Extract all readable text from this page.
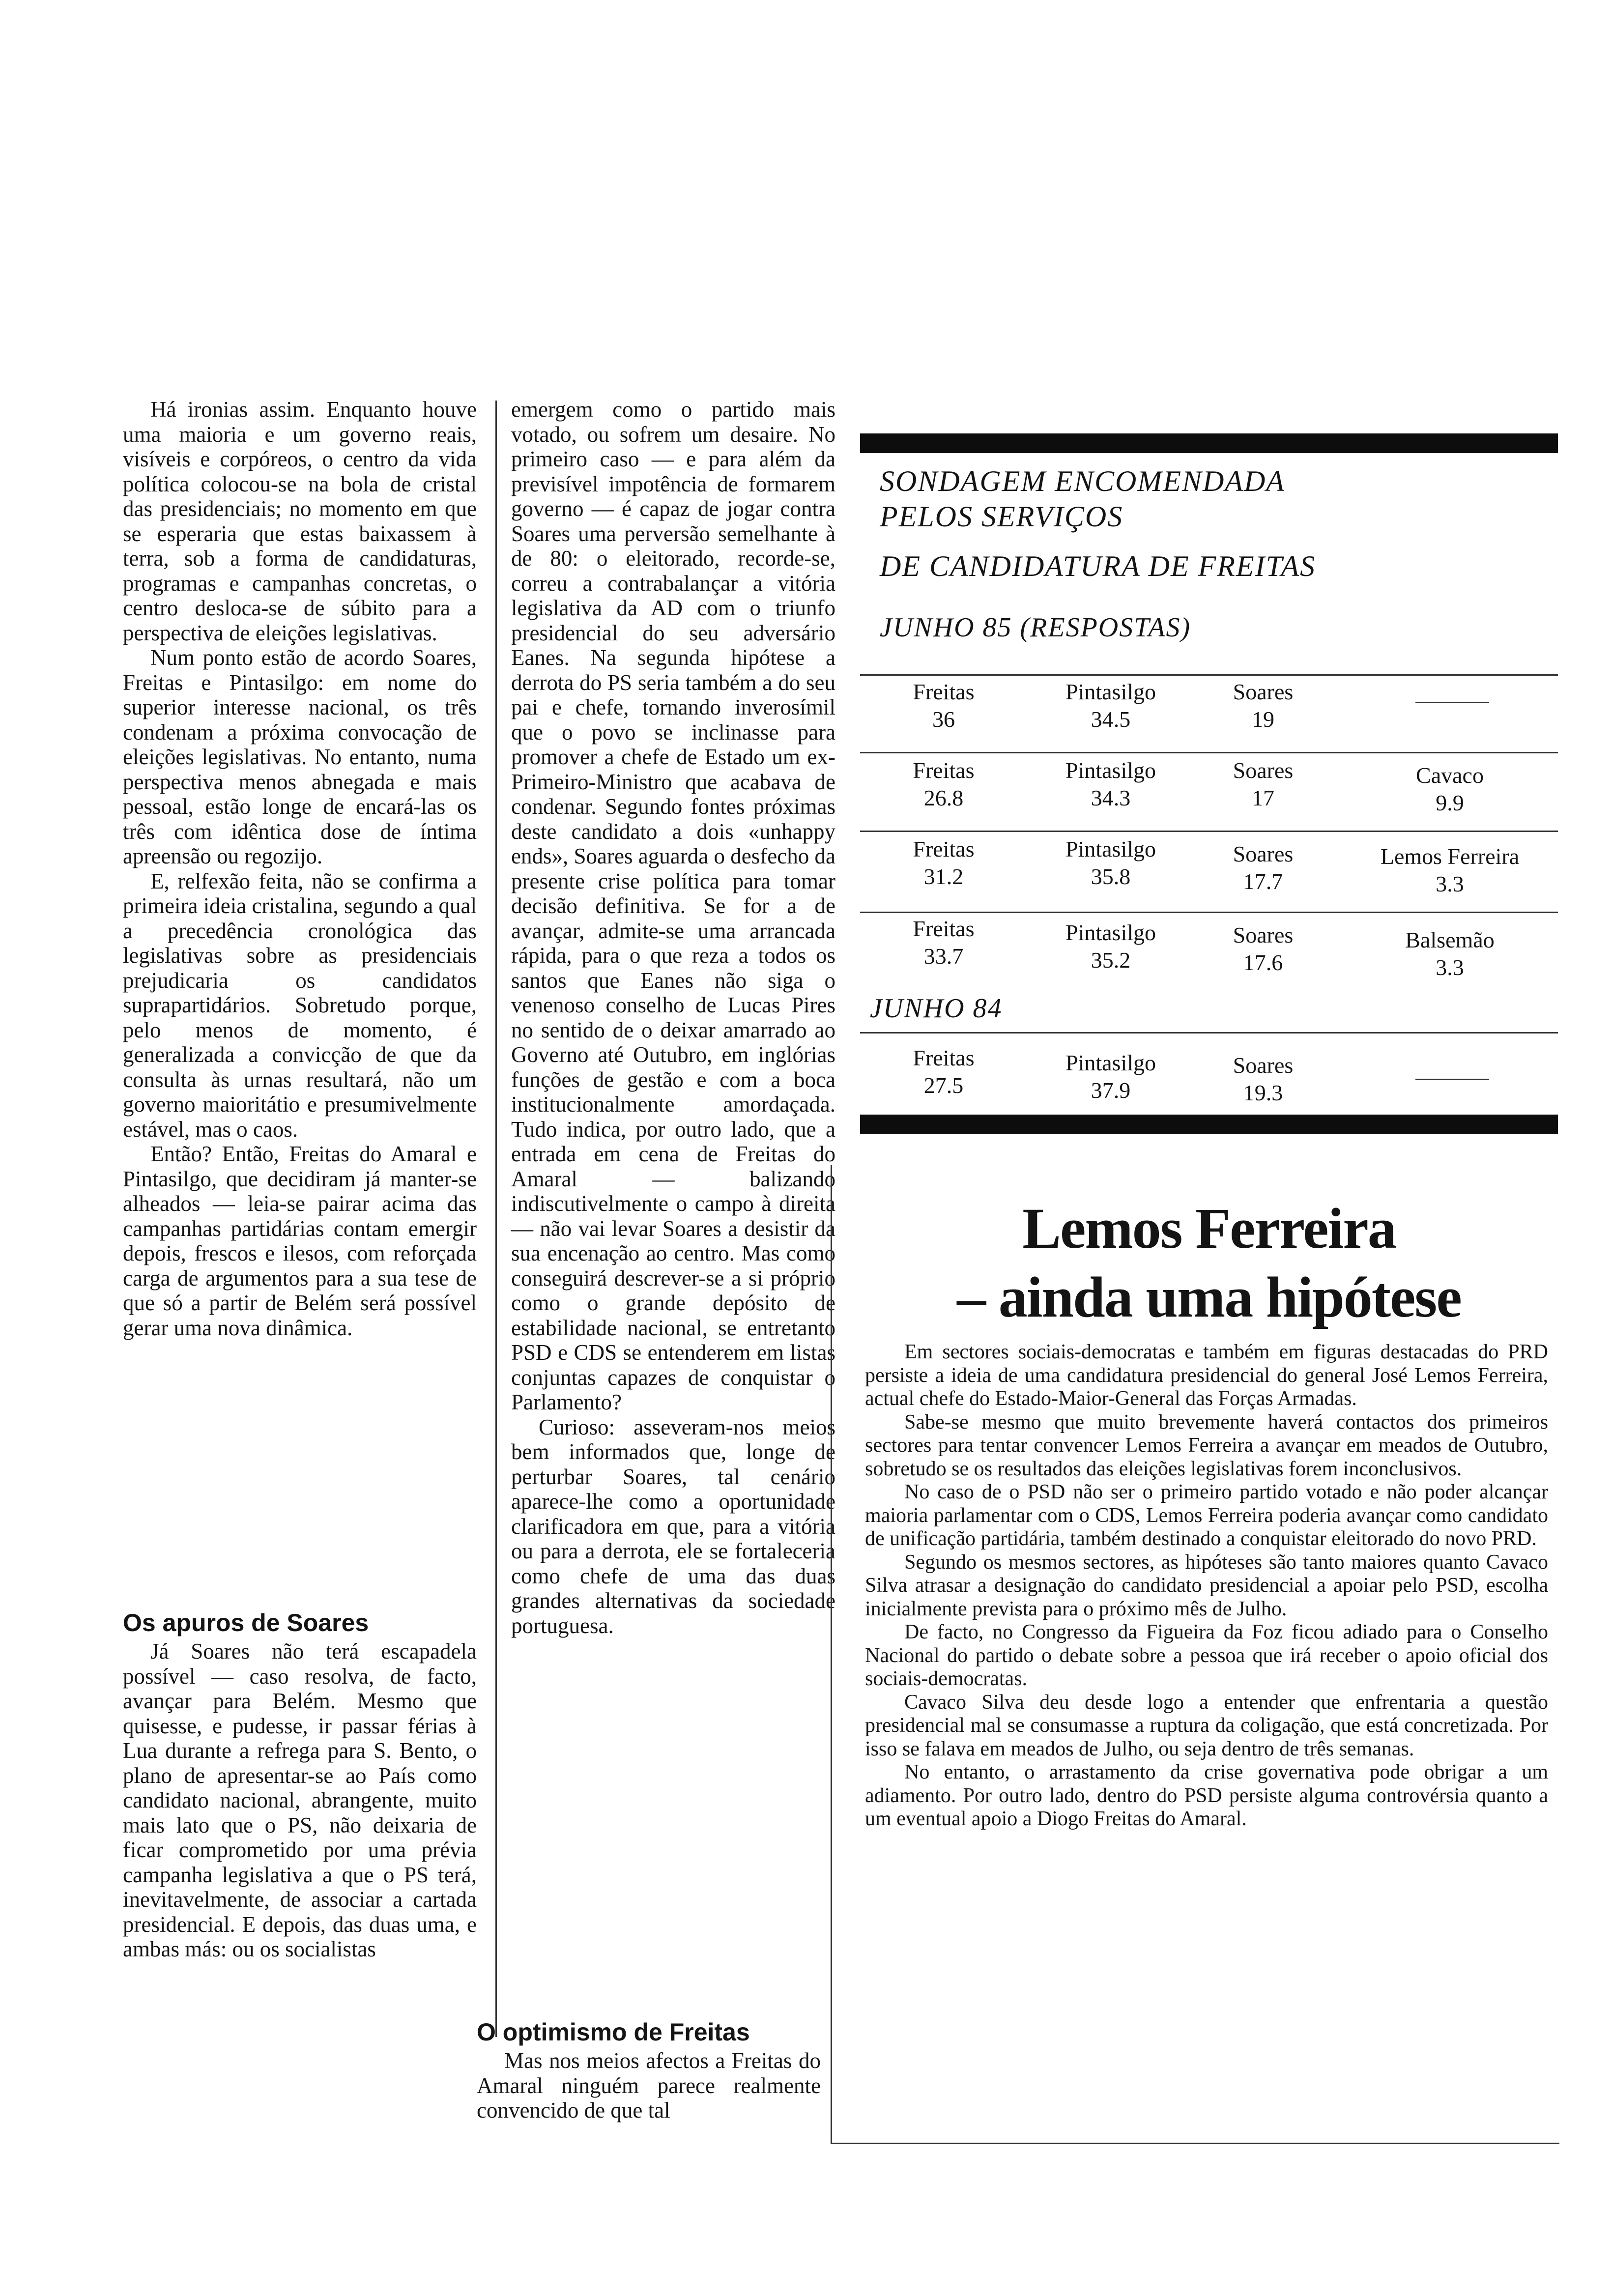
Há ironias assim. Enquanto houve uma maioria e um governo reais, visíveis e corpóreos, o centro da vida política colocou-se na bola de cristal das presidenciais; no momento em que se esperaria que estas baixassem à terra, sob a forma de candidaturas, programas e campanhas concretas, o centro desloca-se de súbito para a perspectiva de eleições legislativas.

Num ponto estão de acordo Soares, Freitas e Pintasilgo: em nome do superior interesse nacional, os três condenam a próxima convocação de eleições legislativas. No entanto, numa perspectiva menos abnegada e mais pessoal, estão longe de encará-las os três com idêntica dose de íntima apreensão ou regozijo.

E, relfexão feita, não se confirma a primeira ideia cristalina, segundo a qual a precedência cronológica das legislativas sobre as presidenciais prejudicaria os candidatos suprapartidários. Sobretudo porque, pelo menos de momento, é generalizada a convicção de que da consulta às urnas resultará, não um governo maioritátio e presumivelmente estável, mas o caos.

Então? Então, Freitas do Amaral e Pintasilgo, que decidiram já manter-se alheados — leia-se pairar acima das campanhas partidárias contam emergir depois, frescos e ilesos, com reforçada carga de argumentos para a sua tese de que só a partir de Belém será possível gerar uma nova dinâmica.

Os apuros de Soares

Já Soares não terá escapadela possível — caso resolva, de facto, avançar para Belém. Mesmo que quisesse, e pudesse, ir passar férias à Lua durante a refrega para S. Bento, o plano de apresentar-se ao País como candidato nacional, abrangente, muito mais lato que o PS, não deixaria de ficar comprometido por uma prévia campanha legislativa a que o PS terá, inevitavelmente, de associar a cartada presidencial. E depois, das duas uma, e ambas más: ou os socialistas

emergem como o partido mais votado, ou sofrem um desaire. No primeiro caso — e para além da previsível impotência de formarem governo — é capaz de jogar contra Soares uma perversão semelhante à de 80: o eleitorado, recorde-se, correu a contrabalançar a vitória legislativa da AD com o triunfo presidencial do seu adversário Eanes. Na segunda hipótese a derrota do PS seria também a do seu pai e chefe, tornando inverosímil que o povo se inclinasse para promover a chefe de Estado um ex-Primeiro-Ministro que acabava de condenar. Segundo fontes próximas deste candidato a dois «unhappy ends», Soares aguarda o desfecho da presente crise política para tomar decisão definitiva. Se for a de avançar, admite-se uma arrancada rápida, para o que reza a todos os santos que Eanes não siga o venenoso conselho de Lucas Pires no sentido de o deixar amarrado ao Governo até Outubro, em inglórias funções de gestão e com a boca institucionalmente amordaçada. Tudo indica, por outro lado, que a entrada em cena de Freitas do Amaral — balizando indiscutivelmente o campo à direita — não vai levar Soares a desistir da sua encenação ao centro. Mas como conseguirá descrever-se a si próprio como o grande depósito de estabilidade nacional, se entretanto PSD e CDS se entenderem em listas conjuntas capazes de conquistar o Parlamento?

Curioso: asseveram-nos meios bem informados que, longe de perturbar Soares, tal cenário aparece-lhe como a oportunidade clarificadora em que, para a vitória ou para a derrota, ele se fortaleceria como chefe de uma das duas grandes alternativas da sociedade portuguesa.

O optimismo de Freitas

Mas nos meios afectos a Freitas do Amaral ninguém parece realmente convencido de que tal

SONDAGEM ENCOMENDADA
PELOS SERVIÇOS
DE CANDIDATURA DE FREITAS
JUNHO 85 (RESPOSTAS)
Freitas
36
Pintasilgo
34.5
Soares
19
Freitas
26.8
Pintasilgo
34.3
Soares
17
Cavaco
9.9
Freitas
31.2
Pintasilgo
35.8
Soares
17.7
Lemos Ferreira
3.3
Freitas
33.7
Pintasilgo
35.2
Soares
17.6
Balsemão
3.3
JUNHO 84
Freitas
27.5
Pintasilgo
37.9
Soares
19.3
Lemos Ferreira
– ainda uma hipótese

Em sectores sociais-democratas e também em figuras destacadas do PRD persiste a ideia de uma candidatura presidencial do general José Lemos Ferreira, actual chefe do Estado-Maior-General das Forças Armadas.

Sabe-se mesmo que muito brevemente haverá contactos dos primeiros sectores para tentar convencer Lemos Ferreira a avançar em meados de Outubro, sobretudo se os resultados das eleições legislativas forem inconclusivos.

No caso de o PSD não ser o primeiro partido votado e não poder alcançar maioria parlamentar com o CDS, Lemos Ferreira poderia avançar como candidato de unificação partidária, também destinado a conquistar eleitorado do novo PRD.

Segundo os mesmos sectores, as hipóteses são tanto maiores quanto Cavaco Silva atrasar a designação do candidato presidencial a apoiar pelo PSD, escolha inicialmente prevista para o próximo mês de Julho.

De facto, no Congresso da Figueira da Foz ficou adiado para o Conselho Nacional do partido o debate sobre a pessoa que irá receber o apoio oficial dos sociais-democratas.

Cavaco Silva deu desde logo a entender que enfrentaria a questão presidencial mal se consumasse a ruptura da coligação, que está concretizada. Por isso se falava em meados de Julho, ou seja dentro de três semanas.

No entanto, o arrastamento da crise governativa pode obrigar a um adiamento. Por outro lado, dentro do PSD persiste alguma controvérsia quanto a um eventual apoio a Diogo Freitas do Amaral.
